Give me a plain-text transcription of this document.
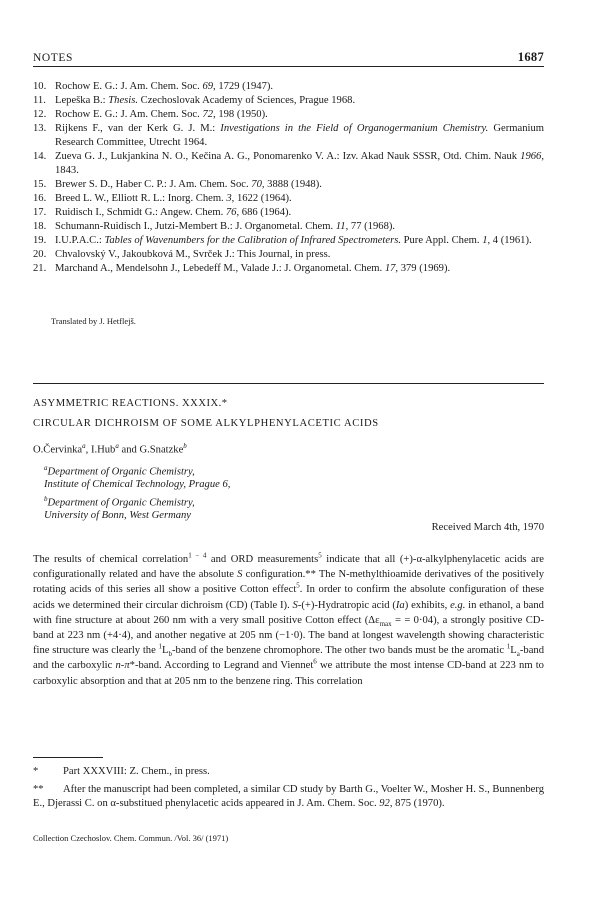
NOTES	1687
10. Rochow E. G.: J. Am. Chem. Soc. 69, 1729 (1947).
11. Lepeška B.: Thesis. Czechoslovak Academy of Sciences, Prague 1968.
12. Rochow E. G.: J. Am. Chem. Soc. 72, 198 (1950).
13. Rijkens F., van der Kerk G. J. M.: Investigations in the Field of Organogermanium Chemistry. Germanium Research Committee, Utrecht 1964.
14. Zueva G. J., Lukjankina N. O., Kečina A. G., Ponomarenko V. A.: Izv. Akad Nauk SSSR, Otd. Chim. Nauk 1966, 1843.
15. Brewer S. D., Haber C. P.: J. Am. Chem. Soc. 70, 3888 (1948).
16. Breed L. W., Elliott R. L.: Inorg. Chem. 3, 1622 (1964).
17. Ruidisch I., Schmidt G.: Angew. Chem. 76, 686 (1964).
18. Schumann-Ruidisch I., Jutzi-Membert B.: J. Organometal. Chem. 11, 77 (1968).
19. I.U.P.A.C.: Tables of Wavenumbers for the Calibration of Infrared Spectrometers. Pure Appl. Chem. 1, 4 (1961).
20. Chvalovský V., Jakoubková M., Svrček J.: This Journal, in press.
21. Marchand A., Mendelsohn J., Lebedeff M., Valade J.: J. Organometal. Chem. 17, 379 (1969).
Translated by J. Hetflejš.
ASYMMETRIC REACTIONS. XXXIX.*
CIRCULAR DICHROISM OF SOME ALKYLPHENYLACETIC ACIDS
O.Červinka$^a$, I.Hub$^a$ and G.Snatzke$^b$
$^a$Department of Organic Chemistry,
Institute of Chemical Technology, Prague 6,
$^b$Department of Organic Chemistry,
University of Bonn, West Germany
Received March 4th, 1970
The results of chemical correlation$^{1 - 4}$ and ORD measurements$^5$ indicate that all (+)-α-alkylphenylacetic acids are configurationally related and have the absolute S configuration.** The N-methylthioamide derivatives of the positively rotating acids of this series all show a positive Cotton effect$^5$. In order to confirm the absolute configuration of these acids we determined their circular dichroism (CD) (Table I). S-(+)-Hydratropic acid (Ia) exhibits, e.g. in ethanol, a band with fine structure at about 260 nm with a very small positive Cotton effect ($\Delta\varepsilon_{max}$ = = 0·04), a strongly positive CD-band at 223 nm (+4·4), and another negative at 205 nm (−1·0). The band at longest wavelength showing characteristic fine structure was clearly the $^1L_b$-band of the benzene chromophore. The other two bands must be the aromatic $^1L_a$-band and the carboxylic n-π*-band. According to Legrand and Viennet$^6$ we attribute the most intense CD-band at 223 nm to carboxylic absorption and that at 205 nm to the benzene ring. This correlation
* Part XXXVIII: Z. Chem., in press.
** After the manuscript had been completed, a similar CD study by Barth G., Voelter W., Mosher H. S., Bunnenberg E., Djerassi C. on α-substitued phenylacetic acids appeared in J. Am. Chem. Soc. 92, 875 (1970).
Collection Czechoslov. Chem. Commun. /Vol. 36/ (1971)
